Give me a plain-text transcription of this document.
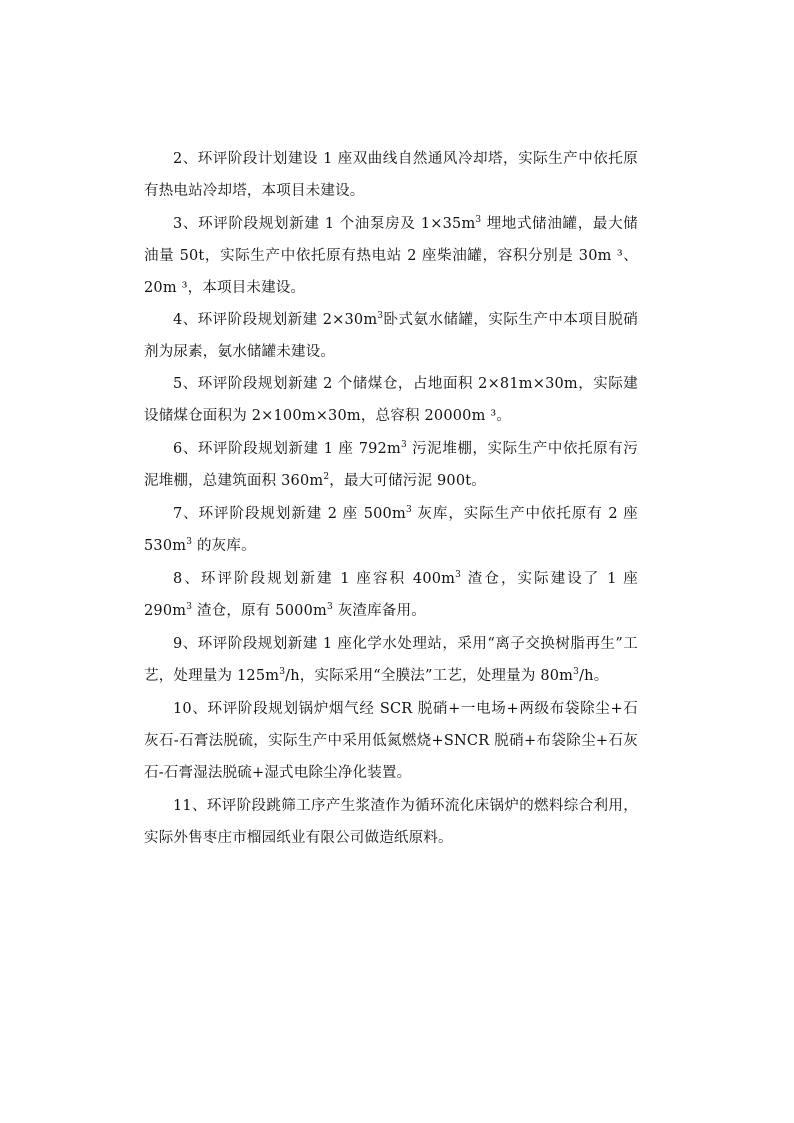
2、环评阶段计划建设 1 座双曲线自然通风冷却塔，实际生产中依托原有热电站冷却塔，本项目未建设。

3、环评阶段规划新建 1 个油泵房及 $1\times 35m^3$ 埋地式储油罐，最大储油量 50t，实际生产中依托原有热电站 2 座柴油罐，容积分别是 30m ³、20m ³，本项目未建设。

4、环评阶段规划新建 $2\times 30m^3$卧式氨水储罐，实际生产中本项目脱硝剂为尿素，氨水储罐未建设。

5、环评阶段规划新建 2 个储煤仓，占地面积 2×81m×30m，实际建设储煤仓面积为 2×100m×30m，总容积 20000m ³。

6、环评阶段规划新建 1 座 $792m^3$ 污泥堆棚，实际生产中依托原有污泥堆棚，总建筑面积 $360m^2$，最大可储污泥 900t。

7、环评阶段规划新建 2 座 $500m^3$ 灰库，实际生产中依托原有 2 座 $530m^3$ 的灰库。

8、环评阶段规划新建 1 座容积 $400m^3$ 渣仓，实际建设了 1 座 $290m^3$ 渣仓，原有 $5000m^3$ 灰渣库备用。

9、环评阶段规划新建 1 座化学水处理站，采用“离子交换树脂再生”工艺，处理量为 $125m^3/h$，实际采用“全膜法”工艺，处理量为 $80m^3/h$。

10、环评阶段规划锅炉烟气经 SCR 脱硝+一电场+两级布袋除尘+石灰石-石膏法脱硫，实际生产中采用低氮燃烧+SNCR 脱硝+布袋除尘+石灰石-石膏湿法脱硫+湿式电除尘净化装置。

11、环评阶段跳筛工序产生浆渣作为循环流化床锅炉的燃料综合利用，实际外售枣庄市榴园纸业有限公司做造纸原料。
